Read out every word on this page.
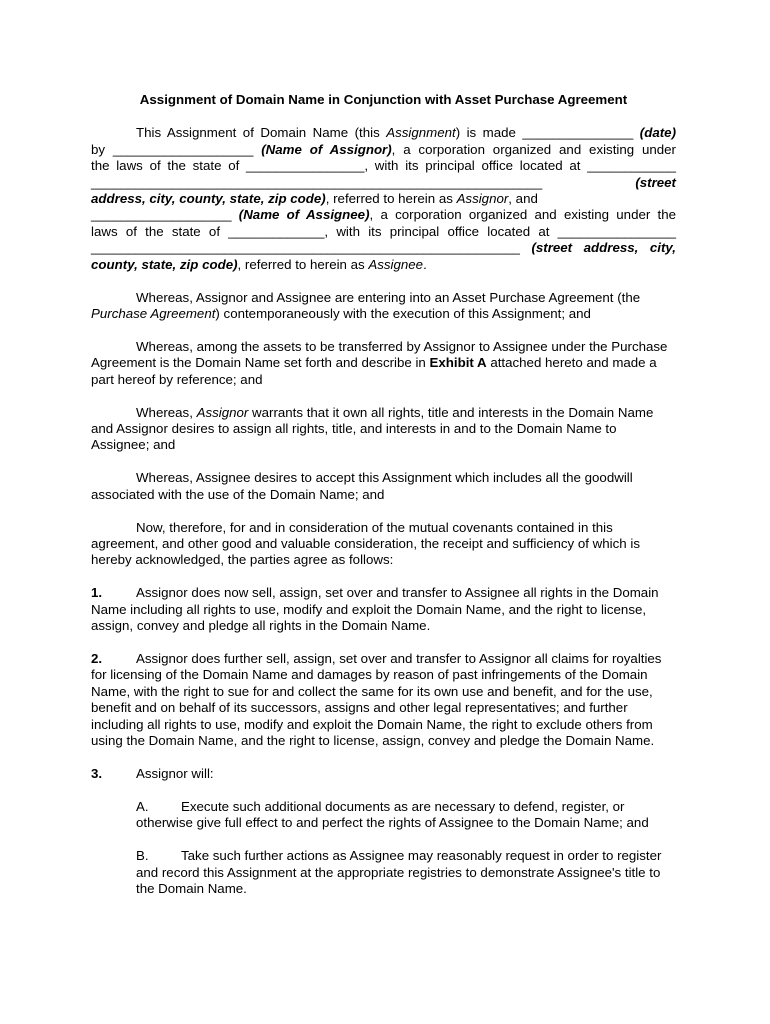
Assignment of Domain Name in Conjunction with Asset Purchase Agreement

This Assignment of Domain Name (this Assignment) is made _______________ (date)

by ___________________ (Name of Assignor), a corporation organized and existing under

the laws of the state of ________________, with its principal office located at ____________

_____________________________________________________________ (street

address, city, county, state, zip code), referred to herein as Assignor, and

___________________ (Name of Assignee), a corporation organized and existing under the

laws of the state of _____________, with its principal office located at ________________

__________________________________________________________ (street address, city,

county, state, zip code), referred to herein as Assignee.

Whereas, Assignor and Assignee are entering into an Asset Purchase Agreement (the Purchase Agreement) contemporaneously with the execution of this Assignment; and

Whereas, among the assets to be transferred by Assignor to Assignee under the Purchase Agreement is the Domain Name set forth and describe in Exhibit A attached hereto and made a part hereof by reference; and

Whereas, Assignor warrants that it own all rights, title and interests in the Domain Name and Assignor desires to assign all rights, title, and interests in and to the Domain Name to Assignee; and

Whereas, Assignee desires to accept this Assignment which includes all the goodwill associated with the use of the Domain Name; and

Now, therefore, for and in consideration of the mutual covenants contained in this agreement, and other good and valuable consideration, the receipt and sufficiency of which is hereby acknowledged, the parties agree as follows:

1.	Assignor does now sell, assign, set over and transfer to Assignee all rights in the Domain Name including all rights to use, modify and exploit the Domain Name, and the right to license, assign, convey and pledge all rights in the Domain Name.

2.	Assignor does further sell, assign, set over and transfer to Assignor all claims for royalties for licensing of the Domain Name and damages by reason of past infringements of the Domain Name, with the right to sue for and collect the same for its own use and benefit, and for the use, benefit and on behalf of its successors, assigns and other legal representatives; and further including all rights to use, modify and exploit the Domain Name, the right to exclude others from using the Domain Name, and the right to license, assign, convey and pledge the Domain Name.

3.	Assignor will:

A. Execute such additional documents as are necessary to defend, register, or otherwise give full effect to and perfect the rights of Assignee to the Domain Name; and

B. Take such further actions as Assignee may reasonably request in order to register and record this Assignment at the appropriate registries to demonstrate Assignee's title to the Domain Name.
